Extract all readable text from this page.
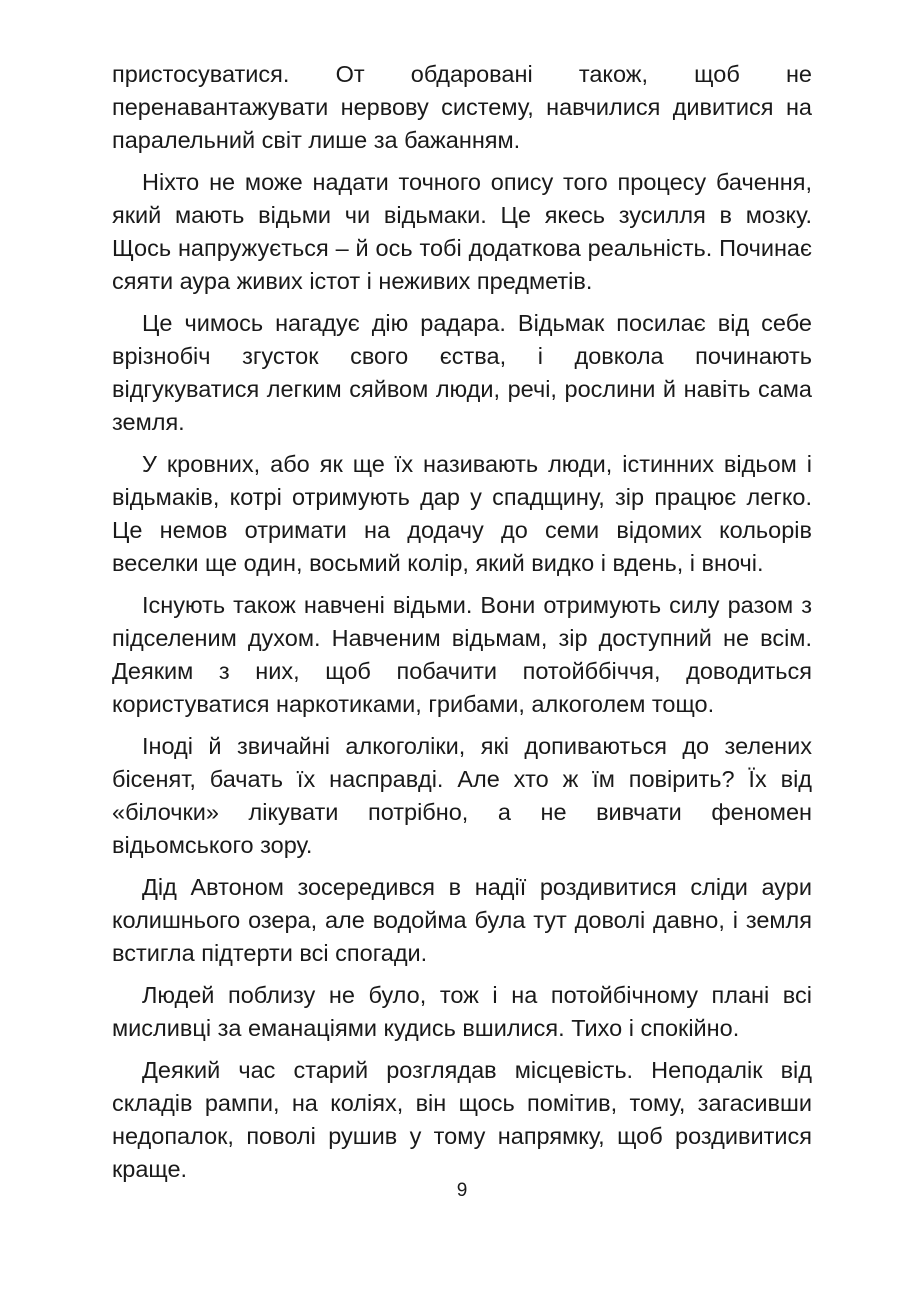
пристосуватися. От обдаровані також, щоб не перенавантажувати нервову систему, навчилися дивитися на паралельний світ лише за бажанням.

Ніхто не може надати точного опису того процесу бачення, який мають відьми чи відьмаки. Це якесь зусилля в мозку. Щось напружується – й ось тобі додаткова реальність. Починає сяяти аура живих істот і неживих предметів.

Це чимось нагадує дію радара. Відьмак посилає від себе врізнобіч згусток свого єства, і довкола починають відгукуватися легким сяйвом люди, речі, рослини й навіть сама земля.

У кровних, або як ще їх називають люди, істинних відьом і відьмаків, котрі отримують дар у спадщину, зір працює легко. Це немов отримати на додачу до семи відомих кольорів веселки ще один, восьмий колір, який видко і вдень, і вночі.

Існують також навчені відьми. Вони отримують силу разом з підселеним духом. Навченим відьмам, зір доступний не всім. Деяким з них, щоб побачити потойббіччя, доводиться користуватися наркотиками, грибами, алкоголем тощо.

Іноді й звичайні алкоголіки, які допиваються до зелених бісенят, бачать їх насправді. Але хто ж їм повірить? Їх від «білочки» лікувати потрібно, а не вивчати феномен відьомського зору.

Дід Автоном зосередився в надії роздивитися сліди аури колишнього озера, але водойма була тут доволі давно, і земля встигла підтерти всі спогади.

Людей поблизу не було, тож і на потойбічному плані всі мисливці за еманаціями кудись вшилися. Тихо і спокійно.

Деякий час старий розглядав місцевість. Неподалік від складів рампи, на коліях, він щось помітив, тому, загасивши недопалок, поволі рушив у тому напрямку, щоб роздивитися краще.

9
